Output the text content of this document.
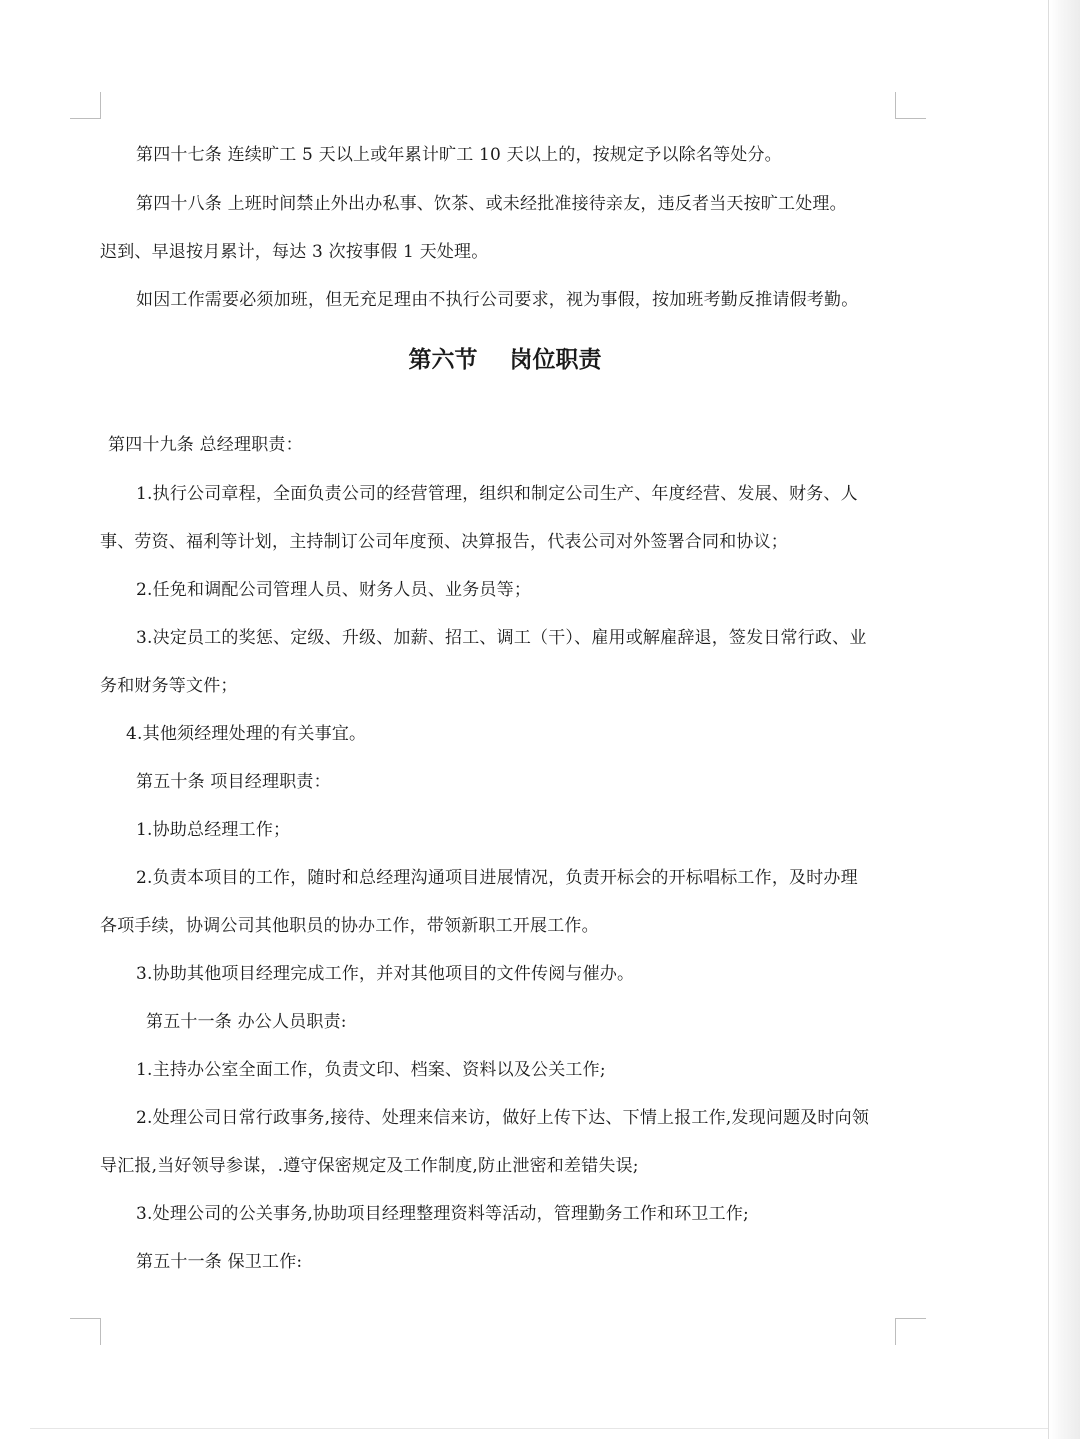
第四十七条 连续旷工 5 天以上或年累计旷工 10 天以上的，按规定予以除名等处分。
第四十八条 上班时间禁止外出办私事、饮茶、或未经批准接待亲友，违反者当天按旷工处理。
迟到、早退按月累计，每达 3 次按事假 1 天处理。
如因工作需要必须加班，但无充足理由不执行公司要求，视为事假，按加班考勤反推请假考勤。
第六节    岗位职责
第四十九条 总经理职责：
1.执行公司章程，全面负责公司的经营管理，组织和制定公司生产、年度经营、发展、财务、人
事、劳资、福利等计划，主持制订公司年度预、决算报告，代表公司对外签署合同和协议；
2.任免和调配公司管理人员、财务人员、业务员等；
3.决定员工的奖惩、定级、升级、加薪、招工、调工（干）、雇用或解雇辞退，签发日常行政、业
务和财务等文件；
4.其他须经理处理的有关事宜。
第五十条 项目经理职责：
1.协助总经理工作；
2.负责本项目的工作，随时和总经理沟通项目进展情况，负责开标会的开标唱标工作，及时办理
各项手续，协调公司其他职员的协办工作，带领新职工开展工作。
3.协助其他项目经理完成工作，并对其他项目的文件传阅与催办。
第五十一条 办公人员职责:
1.主持办公室全面工作，负责文印、档案、资料以及公关工作;
2.处理公司日常行政事务,接待、处理来信来访，做好上传下达、下情上报工作,发现问题及时向领
导汇报,当好领导参谋，.遵守保密规定及工作制度,防止泄密和差错失误;
3.处理公司的公关事务,协助项目经理整理资料等活动，管理勤务工作和环卫工作;
第五十一条 保卫工作:
